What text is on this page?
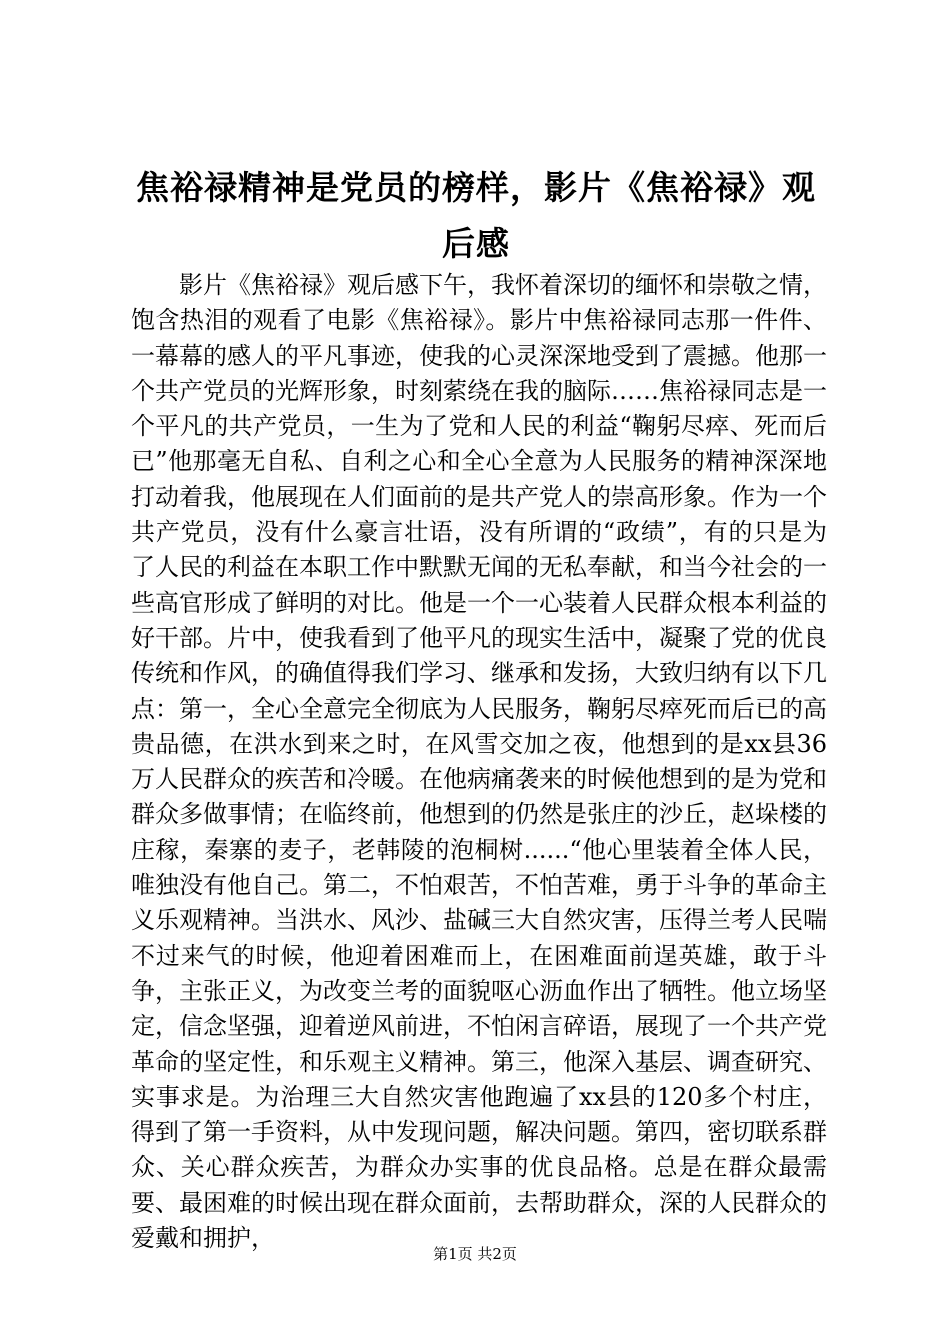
焦裕禄精神是党员的榜样，影片《焦裕禄》观后感

影片《焦裕禄》观后感下午，我怀着深切的缅怀和崇敬之情，饱含热泪的观看了电影《焦裕禄》。影片中焦裕禄同志那一件件、一幕幕的感人的平凡事迹，使我的心灵深深地受到了震撼。他那一个共产党员的光辉形象，时刻萦绕在我的脑际……焦裕禄同志是一个平凡的共产党员，一生为了党和人民的利益“鞠躬尽瘁、死而后已”他那毫无自私、自利之心和全心全意为人民服务的精神深深地打动着我，他展现在人们面前的是共产党人的崇高形象。作为一个共产党员，没有什么豪言壮语，没有所谓的“政绩”，有的只是为了人民的利益在本职工作中默默无闻的无私奉献，和当今社会的一些高官形成了鲜明的对比。他是一个一心装着人民群众根本利益的好干部。片中，使我看到了他平凡的现实生活中，凝聚了党的优良传统和作风，的确值得我们学习、继承和发扬，大致归纳有以下几点：第一，全心全意完全彻底为人民服务，鞠躬尽瘁死而后已的高贵品德，在洪水到来之时，在风雪交加之夜，他想到的是xx县36万人民群众的疾苦和冷暖。在他病痛袭来的时候他想到的是为党和群众多做事情；在临终前，他想到的仍然是张庄的沙丘，赵垛楼的庄稼，秦寨的麦子，老韩陵的泡桐树......“他心里装着全体人民，唯独没有他自己。第二，不怕艰苦，不怕苦难，勇于斗争的革命主义乐观精神。当洪水、风沙、盐碱三大自然灾害，压得兰考人民喘不过来气的时候，他迎着困难而上，在困难面前逞英雄，敢于斗争，主张正义，为改变兰考的面貌呕心沥血作出了牺牲。他立场坚定，信念坚强，迎着逆风前进，不怕闲言碎语，展现了一个共产党革命的坚定性，和乐观主义精神。第三，他深入基层、调查研究、实事求是。为治理三大自然灾害他跑遍了xx县的120多个村庄，得到了第一手资料，从中发现问题，解决问题。第四，密切联系群众、关心群众疾苦，为群众办实事的优良品格。总是在群众最需要、最困难的时候出现在群众面前，去帮助群众，深的人民群众的爱戴和拥护，

第1页 共2页
